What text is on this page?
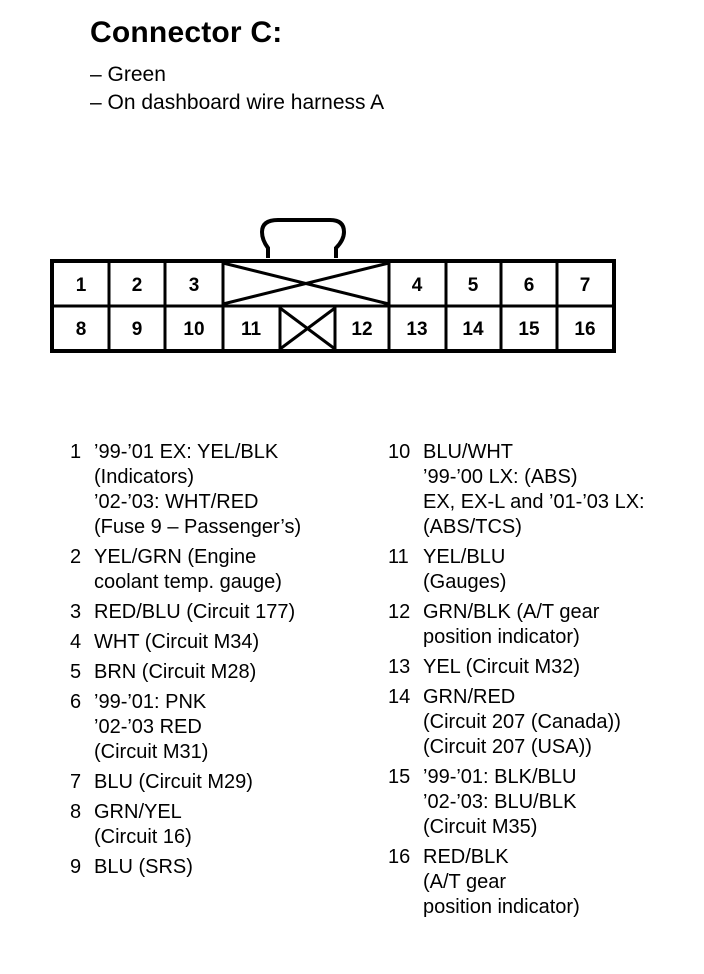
Connector C:
– Green
– On dashboard wire harness A
1 2 3	4 5 6 7
8 9 10 11	12 13 14 15 16
1 ’99-’01 EX: YEL/BLK
(Indicators)
’02-’03: WHT/RED
(Fuse 9 – Passenger’s)
2 YEL/GRN (Engine
coolant temp. gauge)
3 RED/BLU (Circuit 177)
4 WHT (Circuit M34)
5 BRN (Circuit M28)
6 ’99-’01: PNK
’02-’03 RED
(Circuit M31)
7 BLU (Circuit M29)
8 GRN/YEL
(Circuit 16)
9 BLU (SRS)
10 BLU/WHT
’99-’00 LX: (ABS)
EX, EX-L and ’01-’03 LX:
(ABS/TCS)
11 YEL/BLU
(Gauges)
12 GRN/BLK (A/T gear
position indicator)
13 YEL (Circuit M32)
14 GRN/RED
(Circuit 207 (Canada))
(Circuit 207 (USA))
15 ’99-’01: BLK/BLU
’02-’03: BLU/BLK
(Circuit M35)
16 RED/BLK
(A/T gear
position indicator)
